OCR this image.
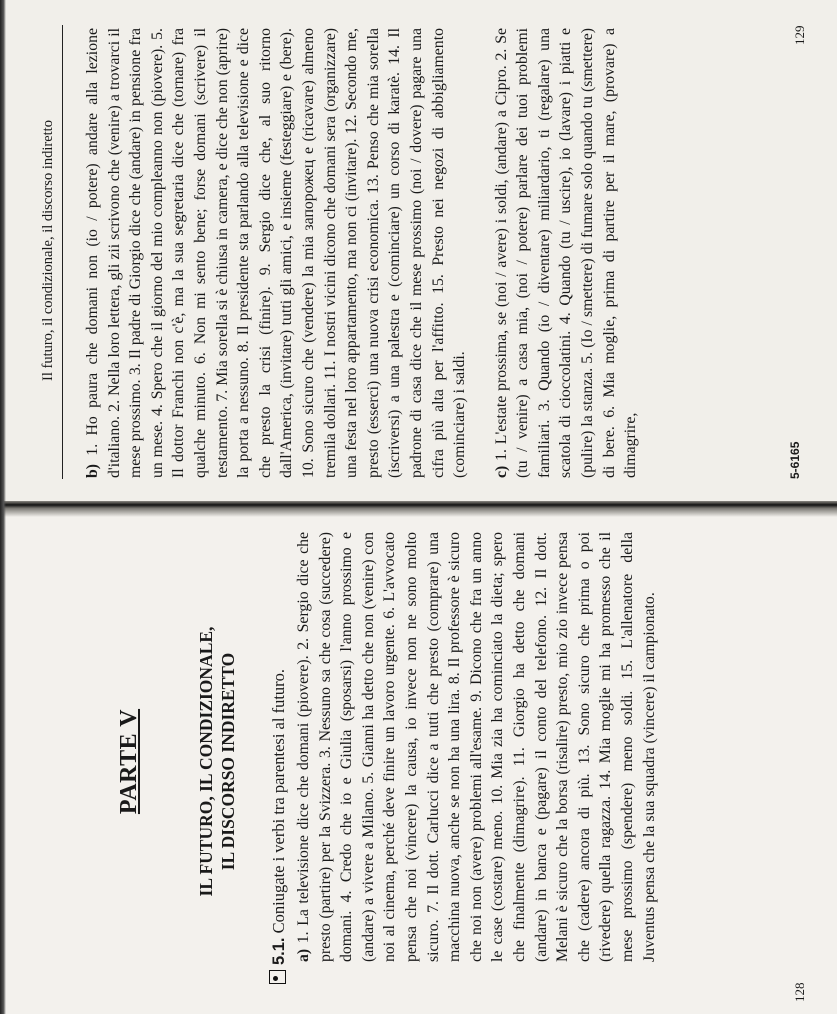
PARTE V	IL FUTURO, IL CONDIZIONALE, IL DISCORSO INDIRETTO
5.1. Coniugate i verbi tra parentesi al futuro.
a) 1. La televisione dice che domani (piovere). 2. Sergio dice che presto (partire) per la Svizzera. 3. Nessuno sa che cosa (succedere) domani. 4. Credo che io e Giulia (sposarsi) l'anno prossimo e (andare) a vivere a Milano. 5. Gianni ha detto che non (venire) con noi al cinema, perché deve finire un lavoro urgente. 6. L'avvocato pensa che noi (vincere) la causa, io invece non ne sono molto sicuro. 7. Il dott. Carlucci dice a tutti che presto (comprare) una macchina nuova, anche se non ha una lira. 8. Il professore è sicuro che noi non (avere) problemi all'esame. 9. Dicono che fra un anno le case (costare) meno. 10. Mia zia ha cominciato la dieta; spero che finalmente (dimagrire). 11. Giorgio ha detto che domani (andare) in banca e (pagare) il conto del telefono. 12. Il dott. Melani è sicuro che la borsa (risalire) presto, mio zio invece pensa che (cadere) ancora di più. 13. Sono sicuro che prima o poi (rivedere) quella ragazza. 14. Mia moglie mi ha promesso che il mese prossimo (spendere) meno soldi. 15. L'allenatore della Juventus pensa che la sua squadra (vincere) il campionato.
128
Il futuro, il condizionale, il discorso indiretto
b) 1. Ho paura che domani non (io / potere) andare alla lezione d'italiano. 2. Nella loro lettera, gli zii scrivono che (venire) a trovarci il mese prossimo. 3. Il padre di Giorgio dice che (andare) in pensione fra un mese. 4. Spero che il giorno del mio compleanno non (piovere). 5. Il dottor Franchi non c'è, ma la sua segretaria dice che (tornare) fra qualche minuto. 6. Non mi sento bene; forse domani (scrivere) il testamento. 7. Mia sorella si è chiusa in camera, e dice che non (aprire) la porta a nessuno. 8. Il presidente sta parlando alla televisione e dice che presto la crisi (finire). 9. Sergio dice che, al suo ritorno dall'America, (invitare) tutti gli amici, e insieme (festeggiare) e (bere). 10. Sono sicuro che (vendere) la mia запорожец e (ricavare) almeno tremila dollari. 11. I nostri vicini dicono che domani sera (organizzare) una festa nel loro appartamento, ma non ci (invitare). 12. Secondo me, presto (esserci) una nuova crisi economica. 13. Penso che mia sorella (iscriversi) a una palestra e (cominciare) un corso di karatè. 14. Il padrone di casa dice che il mese prossimo (noi / dovere) pagare una cifra più alta per l'affitto. 15. Presto nei negozi di abbigliamento (cominciare) i saldi. c) 1. L'estate prossima, se (noi / avere) i soldi, (andare) a Cipro. 2. Se (tu / venire) a casa mia, (noi / potere) parlare dei tuoi problemi familiari. 3. Quando (io / diventare) miliardario, ti (regalare) una scatola di cioccolatini. 4. Quando (tu / uscire), io (lavare) i piatti e (pulire) la stanza. 5. (Io / smettere) di fumare solo quando tu (smettere) di bere. 6. Mia moglie, prima di partire per il mare, (provare) a dimagrire,	5-6165
129
